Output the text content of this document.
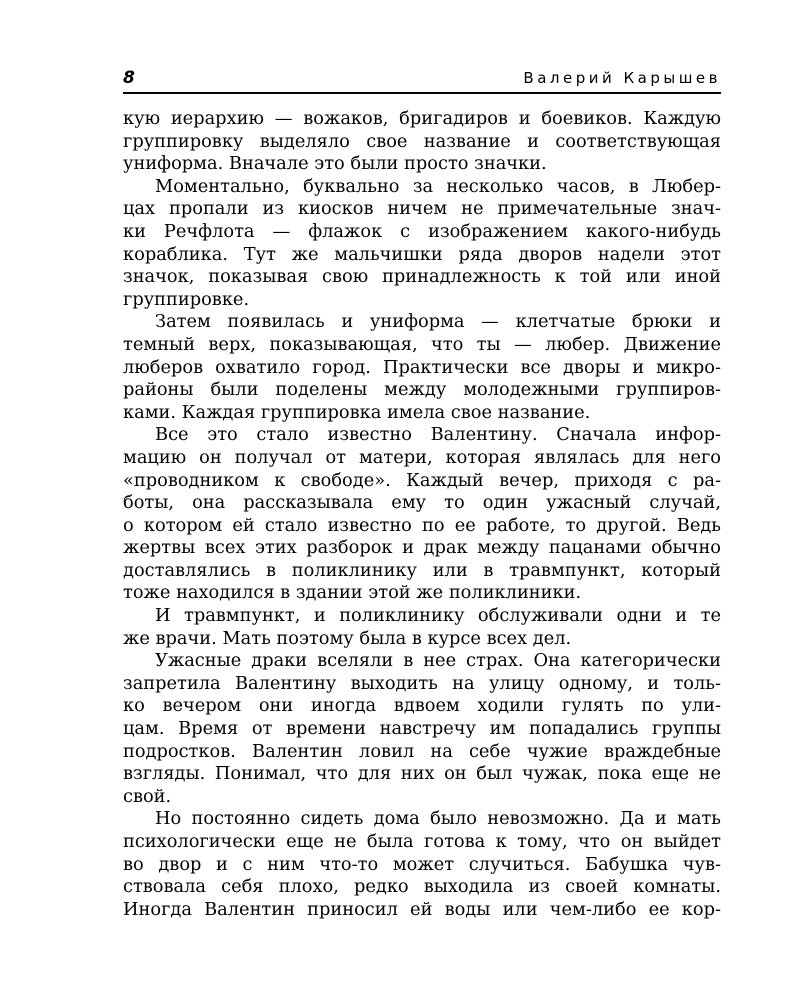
8	Валерий Карышев
кую иерархию — вожаков, бригадиров и боевиков. Каждую
группировку выделяло свое название и соответствующая
униформа. Вначале это были просто значки.
Моментально, буквально за несколько часов, в Любер-
цах пропали из киосков ничем не примечательные знач-
ки Речфлота — флажок с изображением какого-нибудь
кораблика. Тут же мальчишки ряда дворов надели этот
значок, показывая свою принадлежность к той или иной
группировке.
Затем появилась и униформа — клетчатые брюки и
темный верх, показывающая, что ты — любер. Движение
люберов охватило город. Практически все дворы и микро-
районы были поделены между молодежными группиров-
ками. Каждая группировка имела свое название.
Все это стало известно Валентину. Сначала инфор-
мацию он получал от матери, которая являлась для него
«проводником к свободе». Каждый вечер, приходя с ра-
боты, она рассказывала ему то один ужасный случай,
о котором ей стало известно по ее работе, то другой. Ведь
жертвы всех этих разборок и драк между пацанами обычно
доставлялись в поликлинику или в травмпункт, который
тоже находился в здании этой же поликлиники.
И травмпункт, и поликлинику обслуживали одни и те
же врачи. Мать поэтому была в курсе всех дел.
Ужасные драки вселяли в нее страх. Она категорически
запретила Валентину выходить на улицу одному, и толь-
ко вечером они иногда вдвоем ходили гулять по ули-
цам. Время от времени навстречу им попадались группы
подростков. Валентин ловил на себе чужие враждебные
взгляды. Понимал, что для них он был чужак, пока еще не
свой.
Но постоянно сидеть дома было невозможно. Да и мать
психологически еще не была готова к тому, что он выйдет
во двор и с ним что-то может случиться. Бабушка чув-
ствовала себя плохо, редко выходила из своей комнаты.
Иногда Валентин приносил ей воды или чем-либо ее кор-
